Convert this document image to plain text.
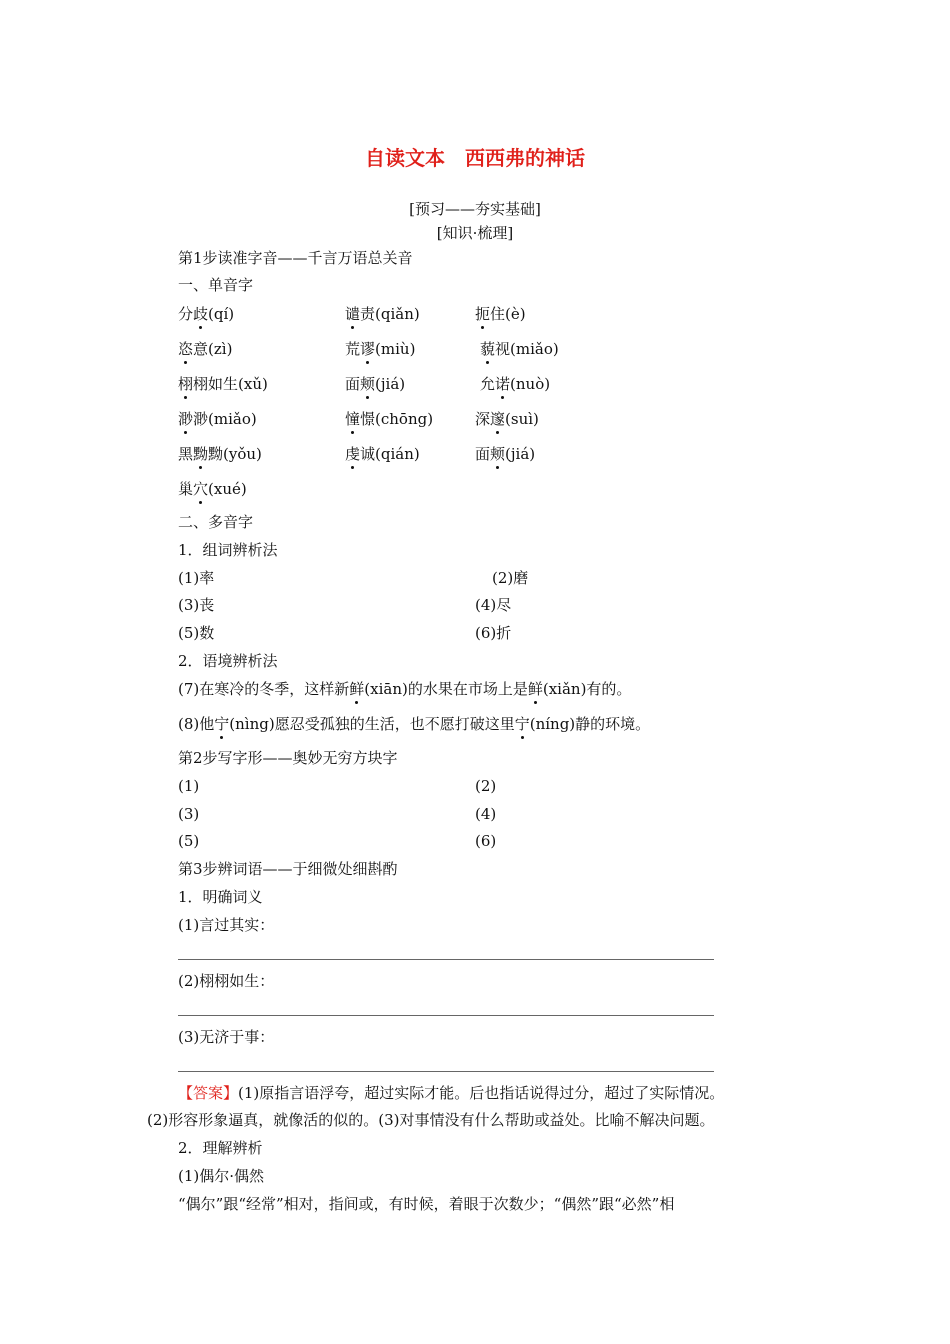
自读文本　西西弗的神话
[预习——夯实基础]
[知识·梳理]
第1步读准字音——千言万语总关音
一、单音字
分歧(qí)	谴责(qiǎn)	扼住(è)
恣意(zì)	荒谬(miù)	藐视(miǎo)
栩栩如生(xǔ)	面颊(jiá)	允诺(nuò)
渺渺(miǎo)	憧憬(chōng)	深邃(suì)
黑黝黝(yǒu)	虔诚(qián)	面颊(jiá)
巢穴(xué)
二、多音字
1．组词辨析法
(1)率	(2)磨
(3)丧	(4)尽
(5)数	(6)折
2．语境辨析法
(7)在寒冷的冬季，这样新鲜(xiān)的水果在市场上是鲜(xiǎn)有的。
(8)他宁(nìng)愿忍受孤独的生活，也不愿打破这里宁(níng)静的环境。
第2步写字形——奥妙无穷方块字
(1)	(2)
(3)	(4)
(5)	(6)
第3步辨词语——于细微处细斟酌
1．明确词义
(1)言过其实：
(2)栩栩如生：
(3)无济于事：
【答案】(1)原指言语浮夸，超过实际才能。后也指话说得过分，超过了实际情况。
(2)形容形象逼真，就像活的似的。(3)对事情没有什么帮助或益处。比喻不解决问题。
2．理解辨析
(1)偶尔·偶然
“偶尔”跟“经常”相对，指间或，有时候，着眼于次数少；“偶然”跟“必然”相
